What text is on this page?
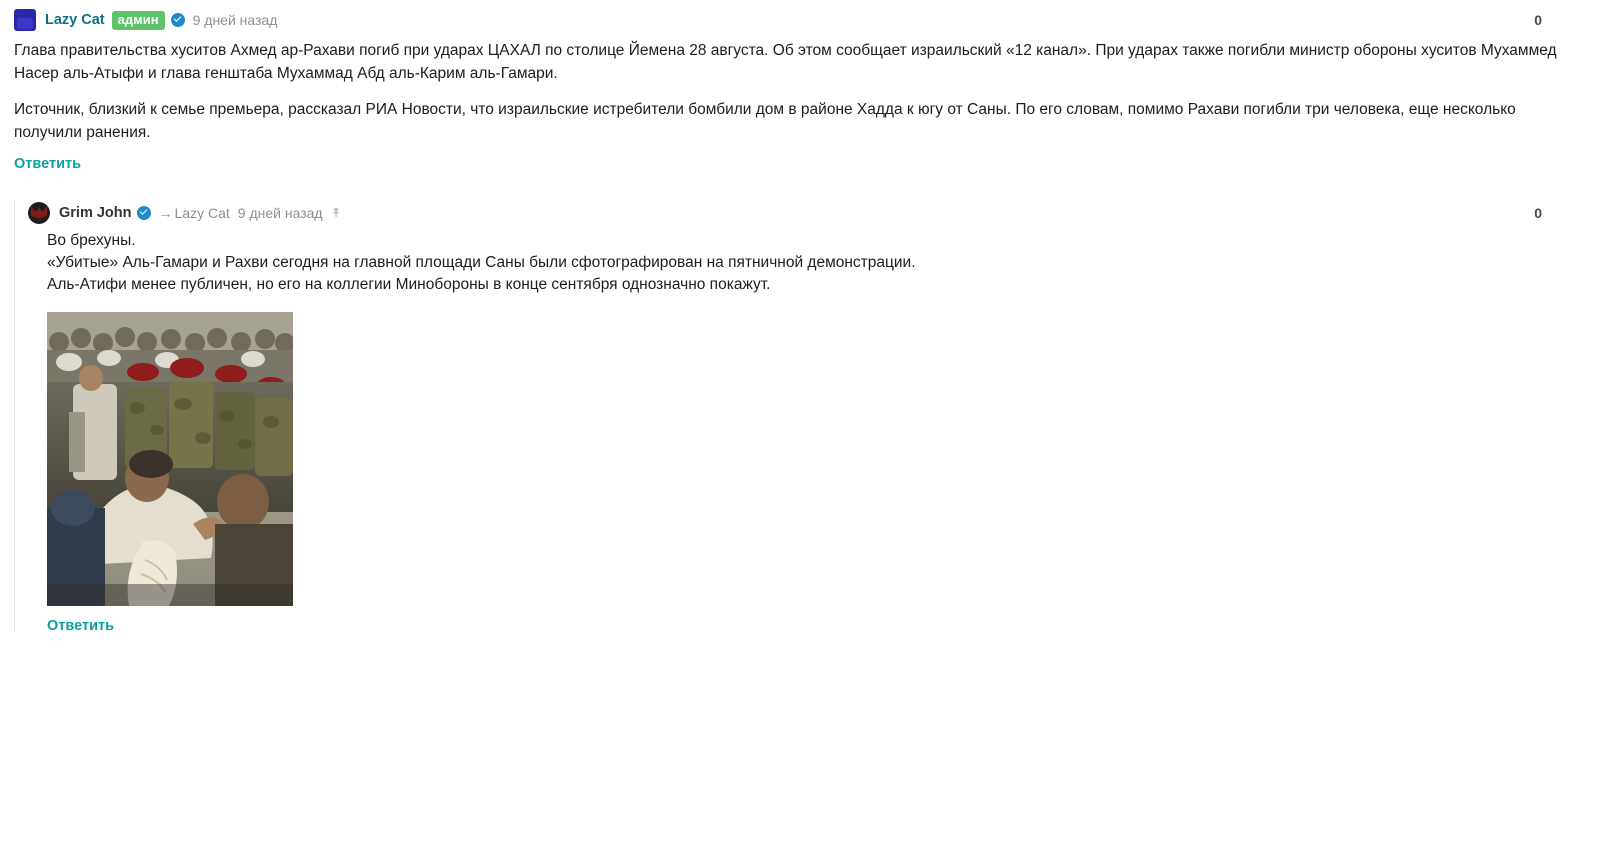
Lazy Cat	админ	9 дней назад	0

Глава правительства хуситов Ахмед ар-Рахави погиб при ударах ЦАХАЛ по столице Йемена 28 августа. Об этом сообщает израильский «12 канал». При ударах также погибли министр обороны хуситов Мухаммед Насер аль-Атыфи и глава генштаба Мухаммад Абд аль-Карим аль-Гамари.

Источник, близкий к семье премьера, рассказал РИА Новости, что израильские истребители бомбили дом в районе Хадда к югу от Саны. По его словам, помимо Рахави погибли три человека, еще несколько получили ранения.

Ответить
Grim John → Lazy Cat 9 дней назад ↟	0
Во брехуны.
«Убитые» Аль-Гамари и Рахви сегодня на главной площади Саны были сфотографирован на пятничной демонстрации.
Аль-Атифи менее публичен, но его на коллегии Минобороны в конце сентября однозначно покажут.
Ответить
